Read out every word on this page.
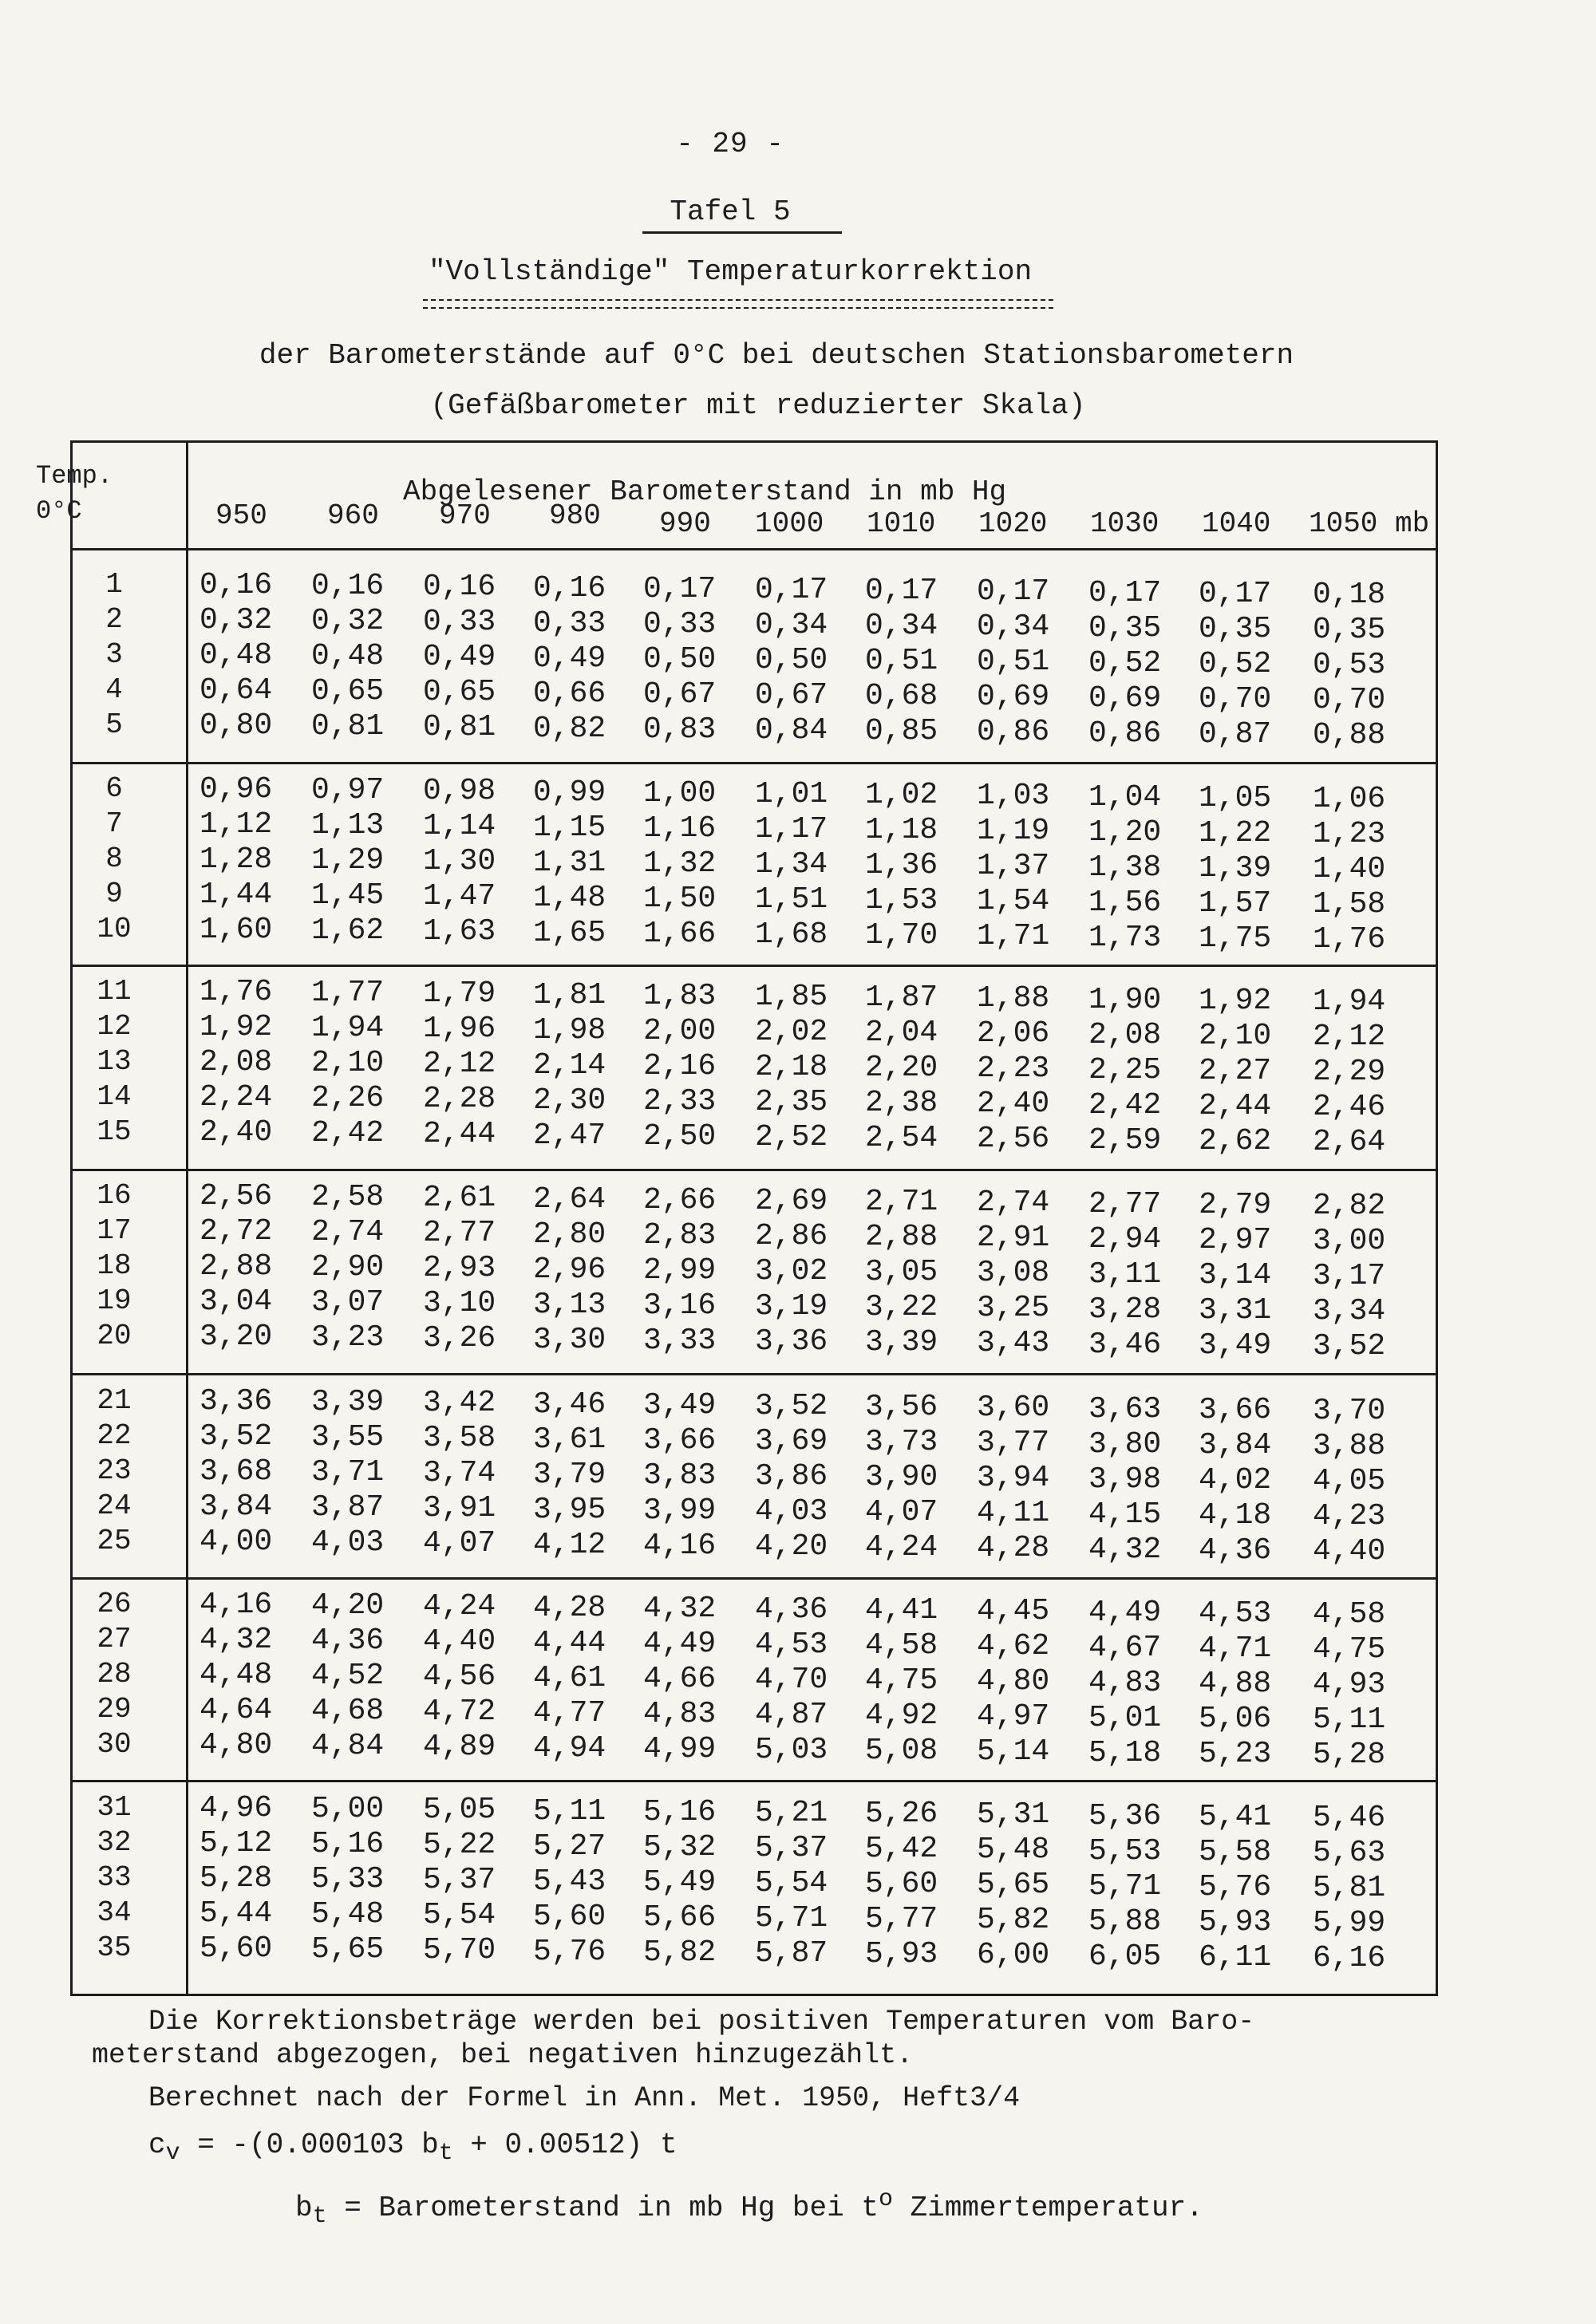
- 29 -
Tafel 5
"Vollständige" Temperaturkorrektion
der Barometerstände auf 0°C bei deutschen Stationsbarometern
(Gefäßbarometer mit reduzierter Skala)
Temp.
0°C
Abgelesener Barometerstand in mb Hg
950 960 970 980 990 1000 1010 1020 1030 1040 1050 mb
1	0,16 0,16 0,16 0,16 0,17 0,17 0,17 0,17 0,17 0,17 0,18
2	0,32 0,32 0,33 0,33 0,33 0,34 0,34 0,34 0,35 0,35 0,35
3	0,48 0,48 0,49 0,49 0,50 0,50 0,51 0,51 0,52 0,52 0,53
4	0,64 0,65 0,65 0,66 0,67 0,67 0,68 0,69 0,69 0,70 0,70
5	0,80 0,81 0,81 0,82 0,83 0,84 0,85 0,86 0,86 0,87 0,88
6	0,96 0,97 0,98 0,99 1,00 1,01 1,02 1,03 1,04 1,05 1,06
7	1,12 1,13 1,14 1,15 1,16 1,17 1,18 1,19 1,20 1,22 1,23
8	1,28 1,29 1,30 1,31 1,32 1,34 1,36 1,37 1,38 1,39 1,40
9	1,44 1,45 1,47 1,48 1,50 1,51 1,53 1,54 1,56 1,57 1,58
10	1,60 1,62 1,63 1,65 1,66 1,68 1,70 1,71 1,73 1,75 1,76
11	1,76 1,77 1,79 1,81 1,83 1,85 1,87 1,88 1,90 1,92 1,94
12	1,92 1,94 1,96 1,98 2,00 2,02 2,04 2,06 2,08 2,10 2,12
13	2,08 2,10 2,12 2,14 2,16 2,18 2,20 2,23 2,25 2,27 2,29
14	2,24 2,26 2,28 2,30 2,33 2,35 2,38 2,40 2,42 2,44 2,46
15	2,40 2,42 2,44 2,47 2,50 2,52 2,54 2,56 2,59 2,62 2,64
16	2,56 2,58 2,61 2,64 2,66 2,69 2,71 2,74 2,77 2,79 2,82
17	2,72 2,74 2,77 2,80 2,83 2,86 2,88 2,91 2,94 2,97 3,00
18	2,88 2,90 2,93 2,96 2,99 3,02 3,05 3,08 3,11 3,14 3,17
19	3,04 3,07 3,10 3,13 3,16 3,19 3,22 3,25 3,28 3,31 3,34
20	3,20 3,23 3,26 3,30 3,33 3,36 3,39 3,43 3,46 3,49 3,52
21	3,36 3,39 3,42 3,46 3,49 3,52 3,56 3,60 3,63 3,66 3,70
22	3,52 3,55 3,58 3,61 3,66 3,69 3,73 3,77 3,80 3,84 3,88
23	3,68 3,71 3,74 3,79 3,83 3,86 3,90 3,94 3,98 4,02 4,05
24	3,84 3,87 3,91 3,95 3,99 4,03 4,07 4,11 4,15 4,18 4,23
25	4,00 4,03 4,07 4,12 4,16 4,20 4,24 4,28 4,32 4,36 4,40
26	4,16 4,20 4,24 4,28 4,32 4,36 4,41 4,45 4,49 4,53 4,58
27	4,32 4,36 4,40 4,44 4,49 4,53 4,58 4,62 4,67 4,71 4,75
28	4,48 4,52 4,56 4,61 4,66 4,70 4,75 4,80 4,83 4,88 4,93
29	4,64 4,68 4,72 4,77 4,83 4,87 4,92 4,97 5,01 5,06 5,11
30	4,80 4,84 4,89 4,94 4,99 5,03 5,08 5,14 5,18 5,23 5,28
31	4,96 5,00 5,05 5,11 5,16 5,21 5,26 5,31 5,36 5,41 5,46
32	5,12 5,16 5,22 5,27 5,32 5,37 5,42 5,48 5,53 5,58 5,63
33	5,28 5,33 5,37 5,43 5,49 5,54 5,60 5,65 5,71 5,76 5,81
34	5,44 5,48 5,54 5,60 5,66 5,71 5,77 5,82 5,88 5,93 5,99
35	5,60 5,65 5,70 5,76 5,82 5,87 5,93 6,00 6,05 6,11 6,16
Die Korrektionsbeträge werden bei positiven Temperaturen vom Baro-
meterstand abgezogen, bei negativen hinzugezählt.
Berechnet nach der Formel in Ann. Met. 1950, Heft3/4
$c_v = -(0.000103$ $b_t + 0.00512$) t
$b_t$ = Barometerstand in mb Hg bei $t^o$ Zimmertemperatur.
